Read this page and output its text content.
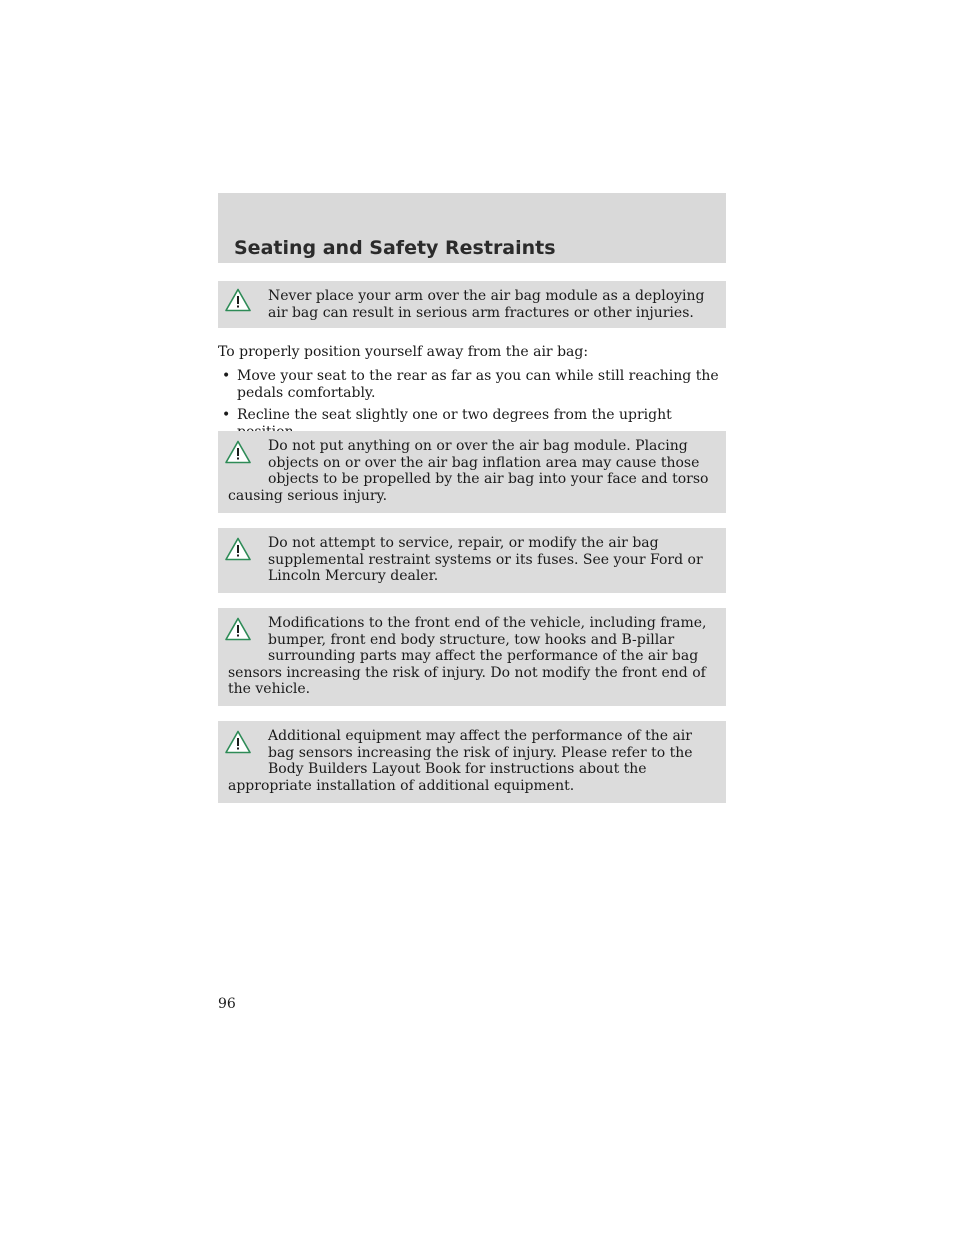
Seating and Safety Restraints
Never place your arm over the air bag module as a deploying air bag can result in serious arm fractures or other injuries.

To properly position yourself away from the air bag:

• Move your seat to the rear as far as you can while still reaching the pedals comfortably.
• Recline the seat slightly one or two degrees from the upright
Do not put anything on or over the air bag module. Placing objects on or over the air bag inflation area may cause those objects to be propelled by the air bag into your face and torso causing serious injury.
Do not attempt to service, repair, or modify the air bag supplemental restraint systems or its fuses. See your Ford or Lincoln Mercury dealer.
Modifications to the front end of the vehicle, including frame, bumper, front end body structure, tow hooks and B-pillar surrounding parts may affect the performance of the air bag sensors increasing the risk of injury. Do not modify the front end of the vehicle.
Additional equipment may affect the performance of the air bag sensors increasing the risk of injury. Please refer to the Body Builders Layout Book for instructions about the appropriate installation of additional equipment.

96
